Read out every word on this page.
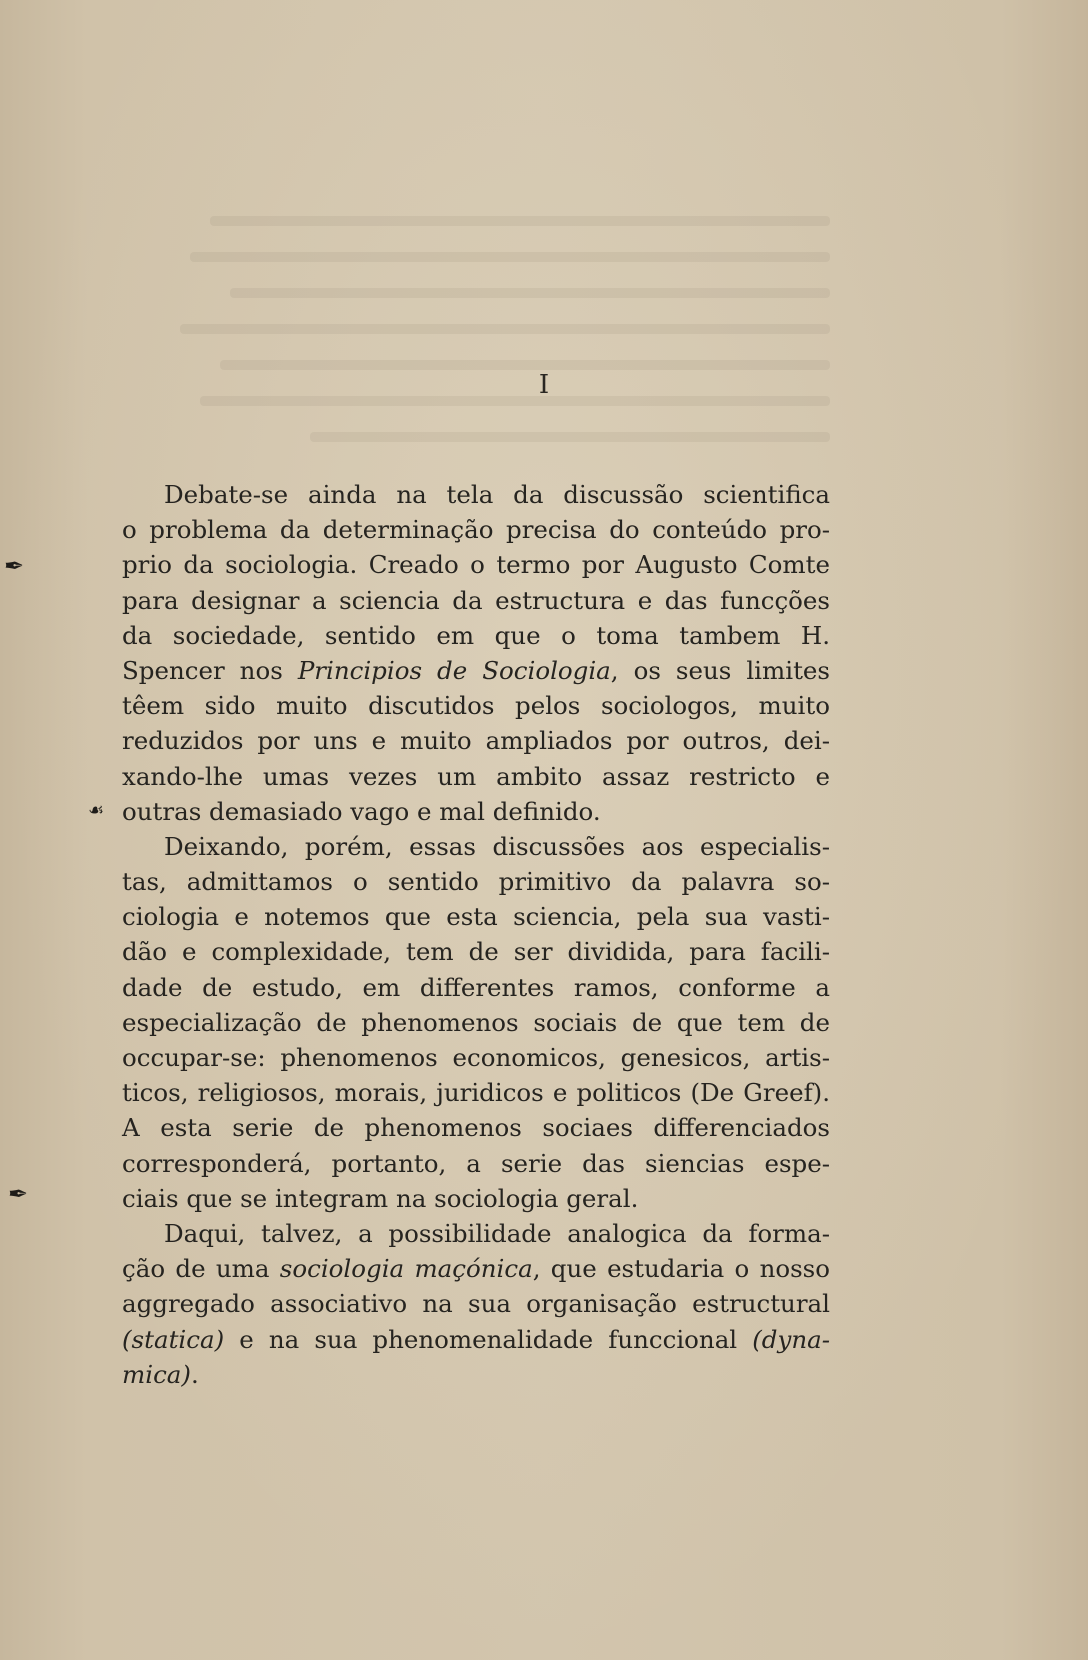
I
Debate-se ainda na tela da discussão scientifica
o problema da determinação precisa do conteúdo pro-
prio da sociologia. Creado o termo por Augusto Comte
para designar a sciencia da estructura e das funcções
da sociedade, sentido em que o toma tambem H.
Spencer nos Principios de Sociologia, os seus limites
têem sido muito discutidos pelos sociologos, muito
reduzidos por uns e muito ampliados por outros, dei-
xando-lhe umas vezes um ambito assaz restricto e
outras demasiado vago e mal definido.
Deixando, porém, essas discussões aos especialis-
tas, admittamos o sentido primitivo da palavra so-
ciologia e notemos que esta sciencia, pela sua vasti-
dão e complexidade, tem de ser dividida, para facili-
dade de estudo, em differentes ramos, conforme a
especialização de phenomenos sociais de que tem de
occupar-se: phenomenos economicos, genesicos, artis-
ticos, religiosos, morais, juridicos e politicos (De Greef).
A esta serie de phenomenos sociaes differenciados
corresponderá, portanto, a serie das siencias espe-
ciais que se integram na sociologia geral.
Daqui, talvez, a possibilidade analogica da forma-
ção de uma sociologia maçónica, que estudaria o nosso
aggregado associativo na sua organisação estructural
(statica) e na sua phenomenalidade funccional (dyna-
mica).
✒
☙
✒
